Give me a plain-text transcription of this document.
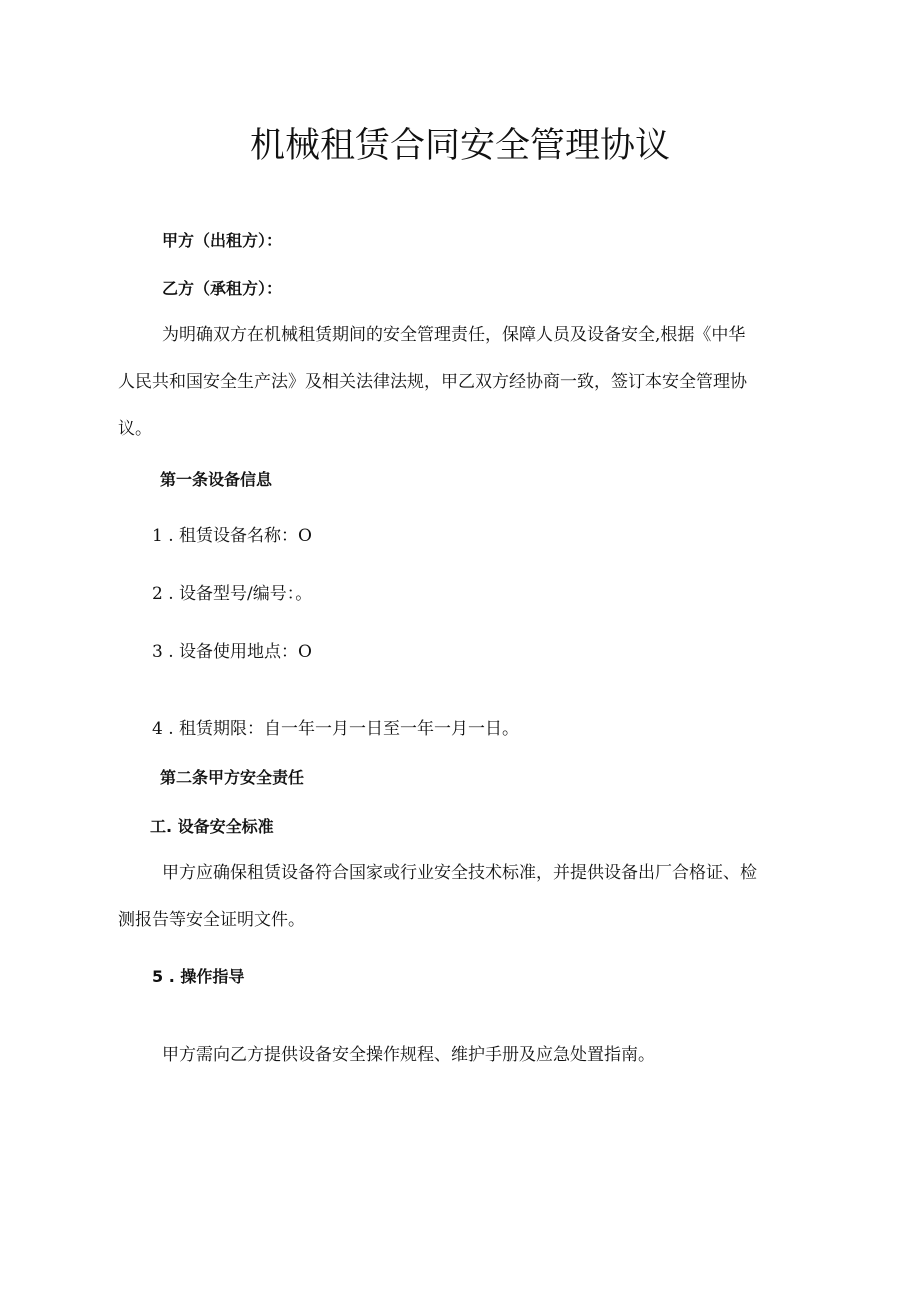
机械租赁合同安全管理协议
甲方（出租方）：
乙方（承租方）：
为明确双方在机械租赁期间的安全管理责任，保障人员及设备安全,根据《中华
人民共和国安全生产法》及相关法律法规，甲乙双方经协商一致，签订本安全管理协
议。
第一条设备信息
1 . 租赁设备名称：O
2 . 设备型号/编号：。
3 . 设备使用地点：O
4 . 租赁期限：自一年一月一日至一年一月一日。
第二条甲方安全责任
工. 设备安全标准
甲方应确保租赁设备符合国家或行业安全技术标准，并提供设备出厂合格证、检
测报告等安全证明文件。
5 . 操作指导
甲方需向乙方提供设备安全操作规程、维护手册及应急处置指南。
